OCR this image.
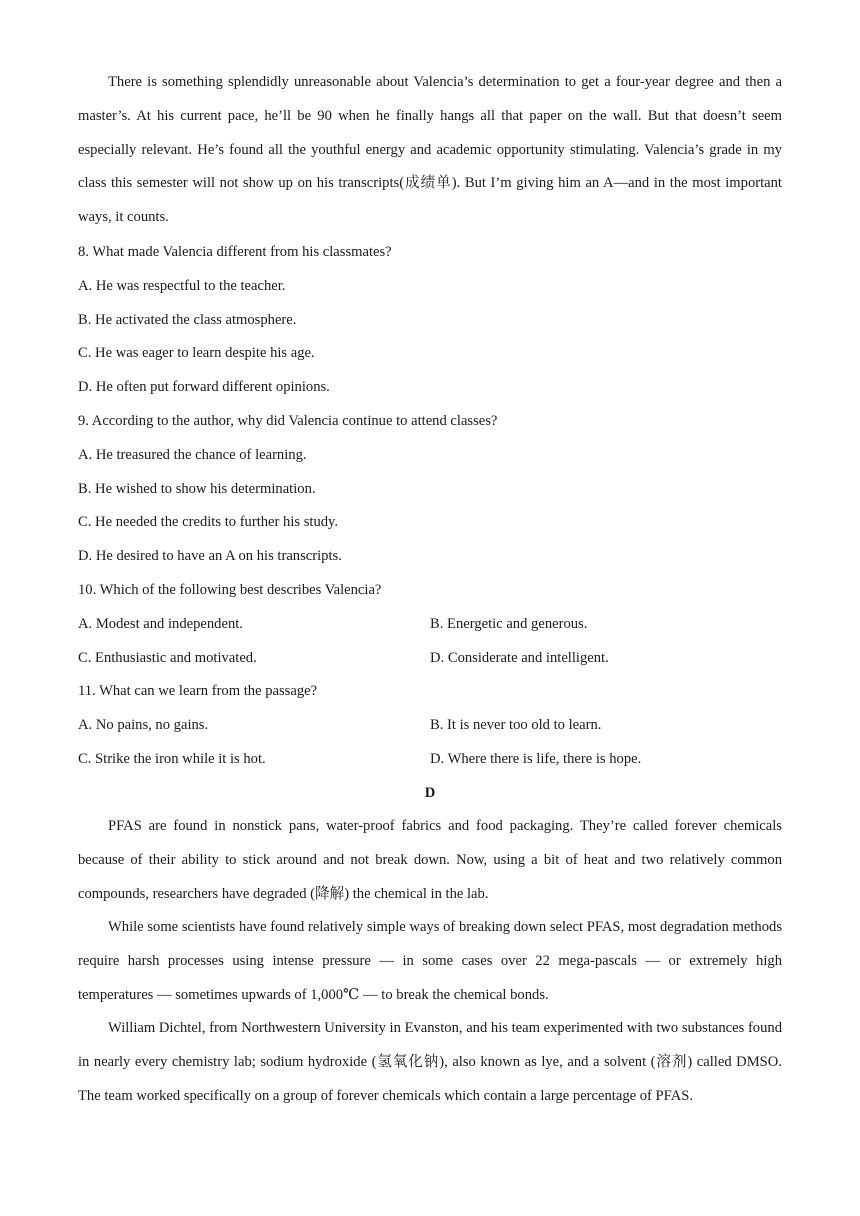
There is something splendidly unreasonable about Valencia’s determination to get a four-year degree and then a master’s. At his current pace, he’ll be 90 when he finally hangs all that paper on the wall. But that doesn’t seem especially relevant. He’s found all the youthful energy and academic opportunity stimulating. Valencia’s grade in my class this semester will not show up on his transcripts(成绩单). But I’m giving him an A—and in the most important ways, it counts.

8. What made Valencia different from his classmates?

A. He was respectful to the teacher.

B. He activated the class atmosphere.

C. He was eager to learn despite his age.

D. He often put forward different opinions.

9. According to the author, why did Valencia continue to attend classes?

A. He treasured the chance of learning.

B. He wished to show his determination.

C. He needed the credits to further his study.

D. He desired to have an A on his transcripts.

10. Which of the following best describes Valencia?

A. Modest and independent.	B. Energetic and generous.

C. Enthusiastic and motivated.	D. Considerate and intelligent.

11. What can we learn from the passage?

A. No pains, no gains.	B. It is never too old to learn.

C. Strike the iron while it is hot.	D. Where there is life, there is hope.

D

PFAS are found in nonstick pans, water-proof fabrics and food packaging. They’re called forever chemicals because of their ability to stick around and not break down. Now, using a bit of heat and two relatively common compounds, researchers have degraded (降解) the chemical in the lab.

While some scientists have found relatively simple ways of breaking down select PFAS, most degradation methods require harsh processes using intense pressure — in some cases over 22 mega-pascals — or extremely high temperatures — sometimes upwards of 1,000℃ — to break the chemical bonds.

William Dichtel, from Northwestern University in Evanston, and his team experimented with two substances found in nearly every chemistry lab; sodium hydroxide (氢氧化钠), also known as lye, and a solvent (溶剂) called DMSO. The team worked specifically on a group of forever chemicals which contain a large percentage of PFAS.
